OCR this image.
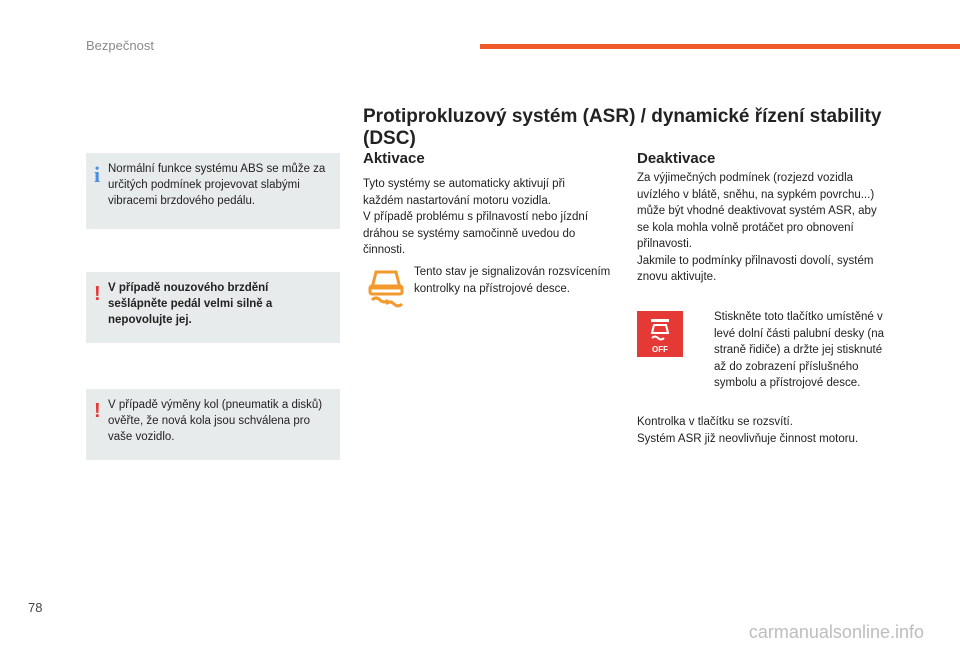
Bezpečnost
i Normální funkce systému ABS se může za určitých podmínek projevovat slabými vibracemi brzdového pedálu.
! V případě nouzového brzdění sešlápněte pedál velmi silně a nepovolujte jej.
! V případě výměny kol (pneumatik a disků) ověřte, že nová kola jsou schválena pro vaše vozidlo.
Protiprokluzový systém (ASR) / dynamické řízení stability (DSC)
Aktivace
Tyto systémy se automaticky aktivují při každém nastartování motoru vozidla.
V případě problému s přilnavostí nebo jízdní dráhou se systémy samočinně uvedou do činnosti.
Tento stav je signalizován rozsvícením kontrolky na přístrojové desce.
Deaktivace
Za výjimečných podmínek (rozjezd vozidla uvízlého v blátě, sněhu, na sypkém povrchu...) může být vhodné deaktivovat systém ASR, aby se kola mohla volně protáčet pro obnovení přilnavosti.
Jakmile to podmínky přilnavosti dovolí, systém znovu aktivujte.
OFF
Stiskněte toto tlačítko umístěné v levé dolní části palubní desky (na straně řidiče) a držte jej stisknuté až do zobrazení příslušného symbolu a přístrojové desce.
Kontrolka v tlačítku se rozsvítí.
Systém ASR již neovlivňuje činnost motoru.
78
carmanualsonline.info
